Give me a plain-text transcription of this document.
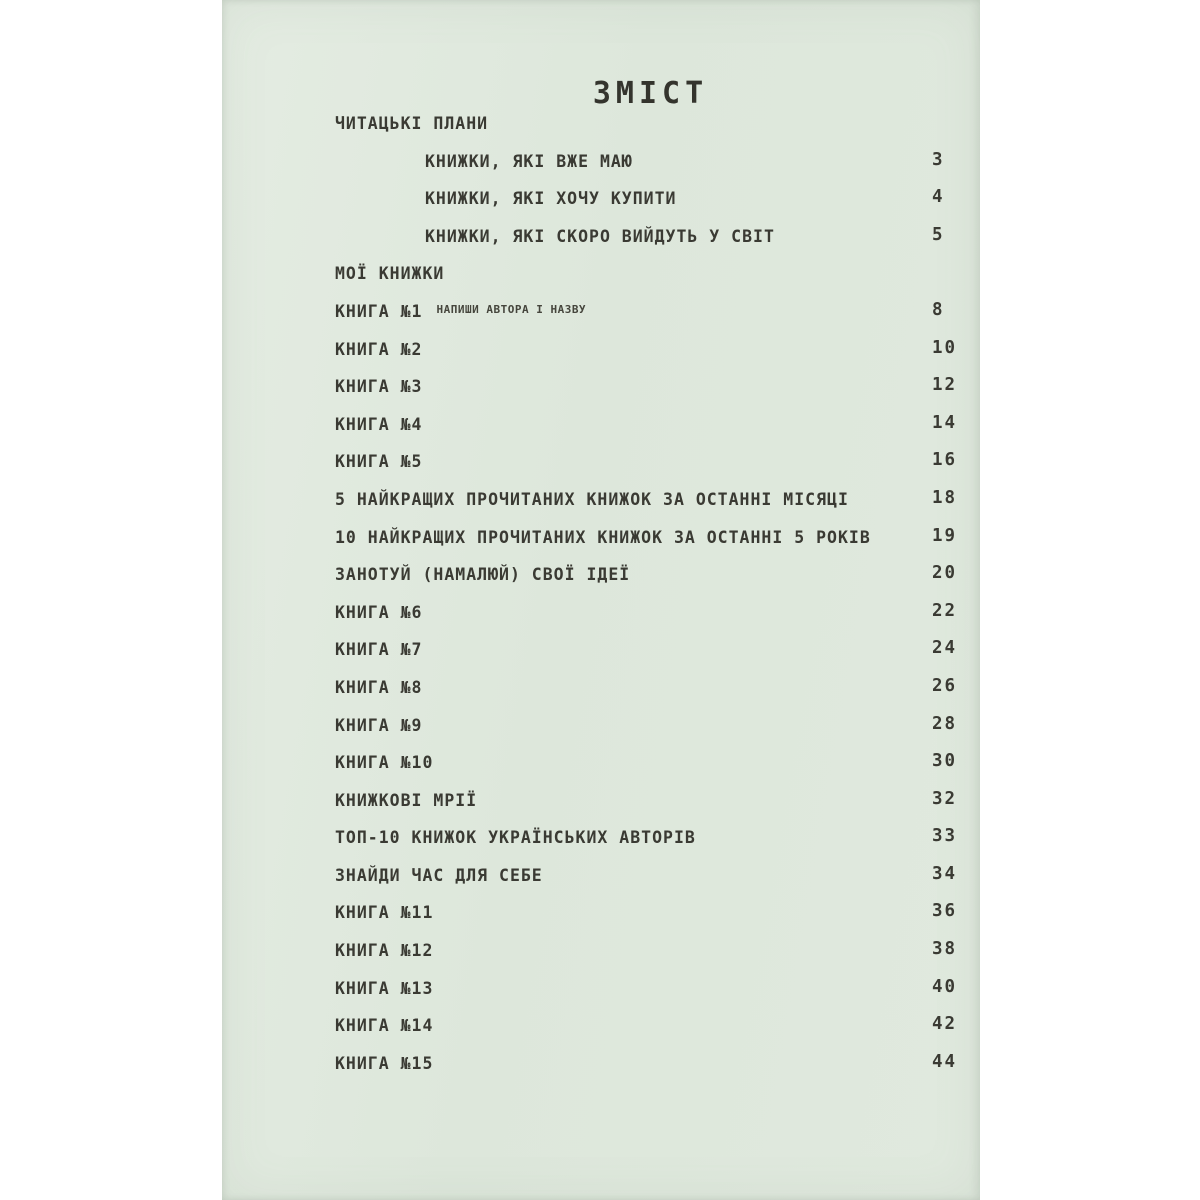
ЗМІСТ
ЧИТАЦЬКІ ПЛАНИ
КНИЖКИ, ЯКІ ВЖЕ МАЮ	3
КНИЖКИ, ЯКІ ХОЧУ КУПИТИ	4
КНИЖКИ, ЯКІ СКОРО ВИЙДУТЬ У СВІТ	5
МОЇ КНИЖКИ
КНИГА №1 НАПИШИ АВТОРА І НАЗВУ	8
КНИГА №2	10
КНИГА №3	12
КНИГА №4	14
КНИГА №5	16
5 НАЙКРАЩИХ ПРОЧИТАНИХ КНИЖОК ЗА ОСТАННІ МІСЯЦІ	18
10 НАЙКРАЩИХ ПРОЧИТАНИХ КНИЖОК ЗА ОСТАННІ 5 РОКІВ	19
ЗАНОТУЙ (НАМАЛЮЙ) СВОЇ ІДЕЇ	20
КНИГА №6	22
КНИГА №7	24
КНИГА №8	26
КНИГА №9	28
КНИГА №10	30
КНИЖКОВІ МРІЇ	32
ТОП-10 КНИЖОК УКРАЇНСЬКИХ АВТОРІВ	33
ЗНАЙДИ ЧАС ДЛЯ СЕБЕ	34
КНИГА №11	36
КНИГА №12	38
КНИГА №13	40
КНИГА №14	42
КНИГА №15	44
